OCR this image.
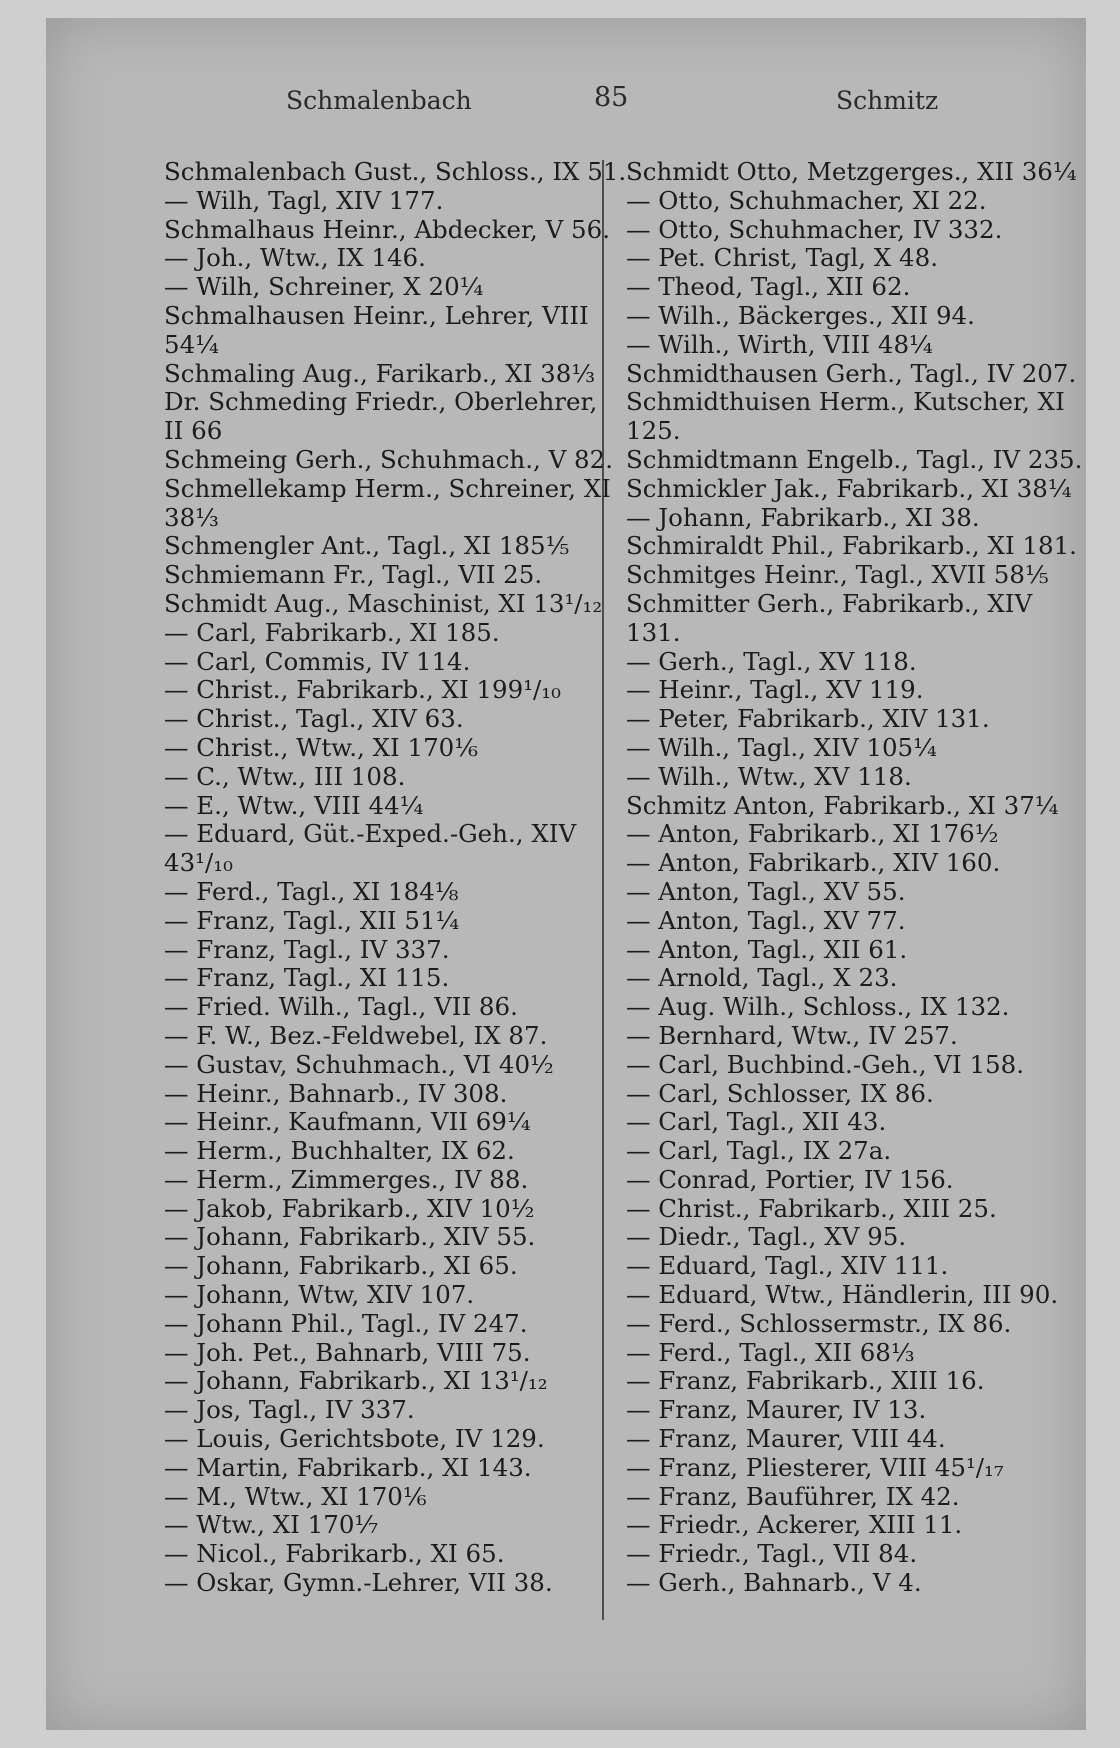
Schmalenbach	85	Schmitz
Schmalenbach Gust., Schloss., IX 51.
— Wilh, Tagl, XIV 177.
Schmalhaus Heinr., Abdecker, V 56.
— Joh., Wtw., IX 146.
— Wilh, Schreiner, X 20¼
Schmalhausen Heinr., Lehrer, VIII
54¼
Schmaling Aug., Farikarb., XI 38⅓
Dr. Schmeding Friedr., Oberlehrer,
II 66
Schmeing Gerh., Schuhmach., V 82.
Schmellekamp Herm., Schreiner, XI
38⅓
Schmengler Ant., Tagl., XI 185⅕
Schmiemann Fr., Tagl., VII 25.
Schmidt Aug., Maschinist, XI 13¹/₁₂
— Carl, Fabrikarb., XI 185.
— Carl, Commis, IV 114.
— Christ., Fabrikarb., XI 199¹/₁₀
— Christ., Tagl., XIV 63.
— Christ., Wtw., XI 170⅙
— C., Wtw., III 108.
— E., Wtw., VIII 44¼
— Eduard, Güt.-Exped.-Geh., XIV
43¹/₁₀
— Ferd., Tagl., XI 184⅛
— Franz, Tagl., XII 51¼
— Franz, Tagl., IV 337.
— Franz, Tagl., XI 115.
— Fried. Wilh., Tagl., VII 86.
— F. W., Bez.-Feldwebel, IX 87.
— Gustav, Schuhmach., VI 40½
— Heinr., Bahnarb., IV 308.
— Heinr., Kaufmann, VII 69¼
— Herm., Buchhalter, IX 62.
— Herm., Zimmerges., IV 88.
— Jakob, Fabrikarb., XIV 10½
— Johann, Fabrikarb., XIV 55.
— Johann, Fabrikarb., XI 65.
— Johann, Wtw, XIV 107.
— Johann Phil., Tagl., IV 247.
— Joh. Pet., Bahnarb, VIII 75.
— Johann, Fabrikarb., XI 13¹/₁₂
— Jos, Tagl., IV 337.
— Louis, Gerichtsbote, IV 129.
— Martin, Fabrikarb., XI 143.
— M., Wtw., XI 170⅙
— Wtw., XI 170⅐
— Nicol., Fabrikarb., XI 65.
— Oskar, Gymn.-Lehrer, VII 38.
Schmidt Otto, Metzgerges., XII 36¼
— Otto, Schuhmacher, XI 22.
— Otto, Schuhmacher, IV 332.
— Pet. Christ, Tagl, X 48.
— Theod, Tagl., XII 62.
— Wilh., Bäckerges., XII 94.
— Wilh., Wirth, VIII 48¼
Schmidthausen Gerh., Tagl., IV 207.
Schmidthuisen Herm., Kutscher, XI
125.
Schmidtmann Engelb., Tagl., IV 235.
Schmickler Jak., Fabrikarb., XI 38¼
— Johann, Fabrikarb., XI 38.
Schmiraldt Phil., Fabrikarb., XI 181.
Schmitges Heinr., Tagl., XVII 58⅕
Schmitter Gerh., Fabrikarb., XIV
131.
— Gerh., Tagl., XV 118.
— Heinr., Tagl., XV 119.
— Peter, Fabrikarb., XIV 131.
— Wilh., Tagl., XIV 105¼
— Wilh., Wtw., XV 118.
Schmitz Anton, Fabrikarb., XI 37¼
— Anton, Fabrikarb., XI 176½
— Anton, Fabrikarb., XIV 160.
— Anton, Tagl., XV 55.
— Anton, Tagl., XV 77.
— Anton, Tagl., XII 61.
— Arnold, Tagl., X 23.
— Aug. Wilh., Schloss., IX 132.
— Bernhard, Wtw., IV 257.
— Carl, Buchbind.-Geh., VI 158.
— Carl, Schlosser, IX 86.
— Carl, Tagl., XII 43.
— Carl, Tagl., IX 27a.
— Conrad, Portier, IV 156.
— Christ., Fabrikarb., XIII 25.
— Diedr., Tagl., XV 95.
— Eduard, Tagl., XIV 111.
— Eduard, Wtw., Händlerin, III 90.
— Ferd., Schlossermstr., IX 86.
— Ferd., Tagl., XII 68⅓
— Franz, Fabrikarb., XIII 16.
— Franz, Maurer, IV 13.
— Franz, Maurer, VIII 44.
— Franz, Pliesterer, VIII 45¹/₁₇
— Franz, Bauführer, IX 42.
— Friedr., Ackerer, XIII 11.
— Friedr., Tagl., VII 84.
— Gerh., Bahnarb., V 4.
